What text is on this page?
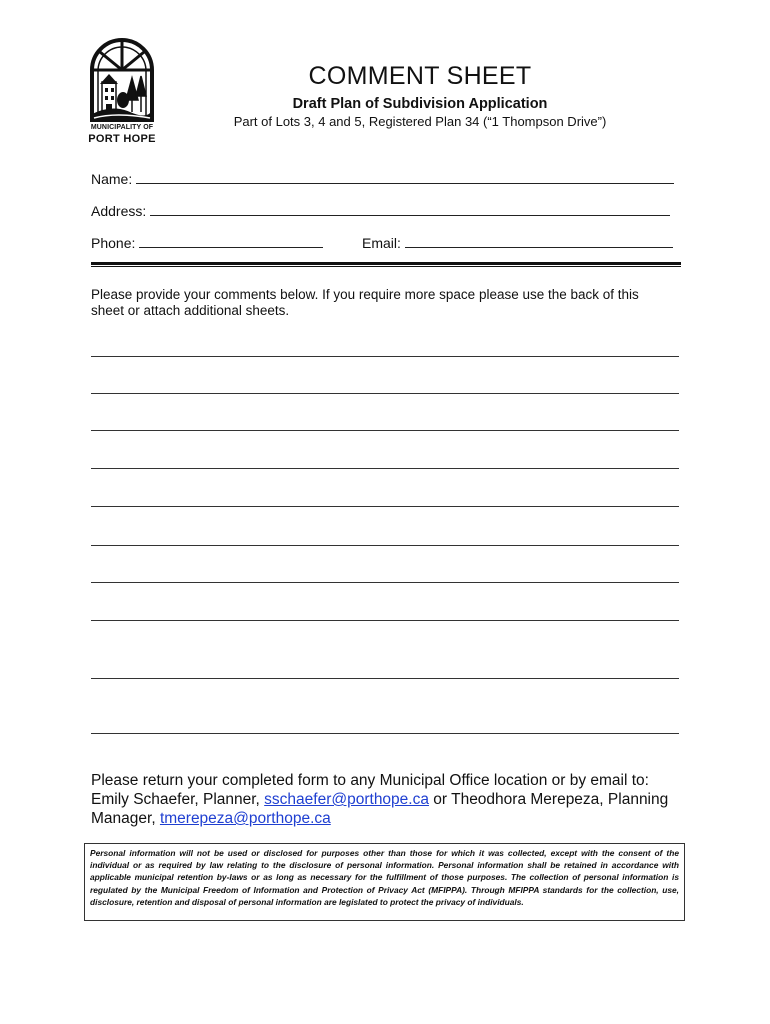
MUNICIPALITY OF
PORT HOPE
COMMENT SHEET
Draft Plan of Subdivision Application
Part of Lots 3, 4 and 5, Registered Plan 34 (“1 Thompson Drive”)
Name:
Address:
Phone:	Email:
Please provide your comments below. If you require more space please use the back of this sheet or attach additional sheets.
Please return your completed form to any Municipal Office location or by email to: Emily Schaefer, Planner, sschaefer@porthope.ca or Theodhora Merepeza, Planning Manager, tmerepeza@porthope.ca
Personal information will not be used or disclosed for purposes other than those for which it was collected, except with the consent of the individual or as required by law relating to the disclosure of personal information. Personal information shall be retained in accordance with applicable municipal retention by-laws or as long as necessary for the fulfillment of those purposes. The collection of personal information is regulated by the Municipal Freedom of Information and Protection of Privacy Act (MFIPPA). Through MFIPPA standards for the collection, use, disclosure, retention and disposal of personal information are legislated to protect the privacy of individuals.
